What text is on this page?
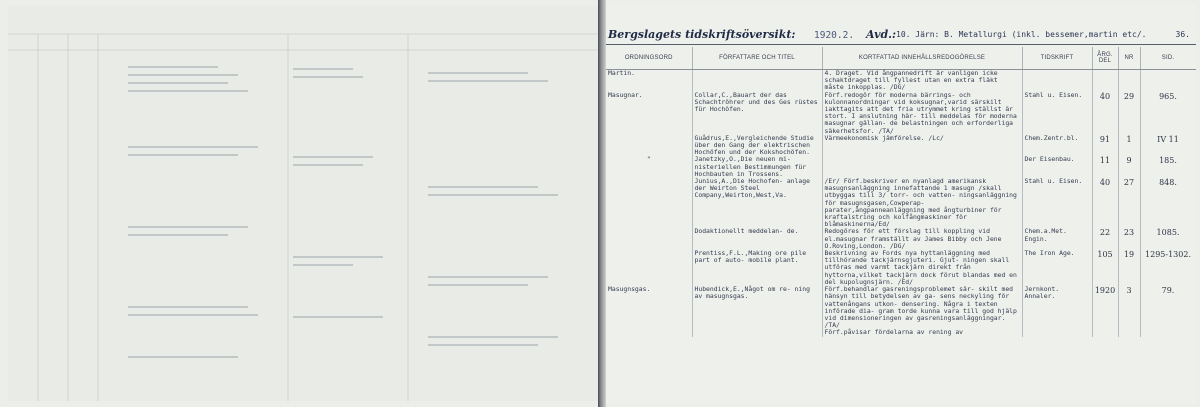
Bergslagets tidskriftsöversikt: 1920.2. Avd.: 10. Järn: B. Metallurgi (inkl. bessemer,martin etc/.	36.
ORDNINGSORD	FÖRFATTARE OCH TITEL	KORTFATTAD INNEHÅLLSREDOGÖRELSE	TIDSKRIFT	ÅRG. DEL	NR	SID.
Martin.		4. Draget. Vid ångpannedrift är vanligen icke schaktdraget till fyllest utan en extra fläkt måste inkopplas. /DG/				
Masugnar.	Collar,C.,Bauart der das Schachtröhrer und des Ges rüstes für Hochöfen.	Förf.redogör för moderna bärrings- och kulonnanordningar vid koksugnar,varid särskilt iakttagits att det fria utrymmet kring ställst är stort. I anslutning här- till meddelas för moderna masugnar gällan- de belastningen och erforderliga säkerhetsfor. /TA/	Stahl u. Eisen.	40	29	965.
	Guådrus,E.,Vergleichende Studie über den Gang der elektrischen Hochöfen und der Kokshochöfen.	Värmeekonomisk jämförelse. /Lc/	Chem.Zentr.bl.	91	1	IV 11
"	Janetzky,O.,Die neuen mi- nisteriellen Bestimmungen für Hochbauten in Trossens.		Der Eisenbau.	11	9	185.
	Junius,A.,Die Hochofen- anlage der Weirton Steel Company,Weirton,West,Va.	/Er/ Förf.beskriver en nyanlagd amerikansk masugnsanläggning innefattande 1 masugn /skall utbyggas till 3/ torr- och vatten- ningsanläggning för masugnsgasen,Cowperap- parater,ångpanneanläggning med ångturbiner för kraftalstring och kolfångmaskiner för blåmaskinerna/Ed/	Stahl u. Eisen.	40	27	848.
	Dodaktionellt meddelan- de.	Redogöres för ett förslag till koppling vid el.masugnar framställt av James Bibby och Jene O.Roving,London. /DG/	Chem.a.Met. Engin.	22	23	1085.
	Prentiss,F.L.,Making ore pile part of auto- mobile plant.	Beskrivning av Fords nya hyttanläggning med tillhörande tackjärnsgjuteri. Gjut- ningen skall utföras med varmt tackjärn direkt från hyttorna,vilket tackjärn dock förut blandas med en del kupolugnsjärn. /Ed/	The Iron Age.	105	19	1295-1302.
Masugnsgas.	Hubendick,E.,Något om re- ning av masugnsgas.	Förf.behandlar gasreningsproblemet sär- skilt med hänsyn till betydelsen av ga- sens neckyling för vattenångans utkon- densering. Några i texten införade dia- gram torde kunna vara till god hjälp vid dimensioneringen av gasreningsanläggningar. /TA/	Jernkont. Annaler.	1920	3	79.
		Förf.påvisar fördelarna av rening av				
